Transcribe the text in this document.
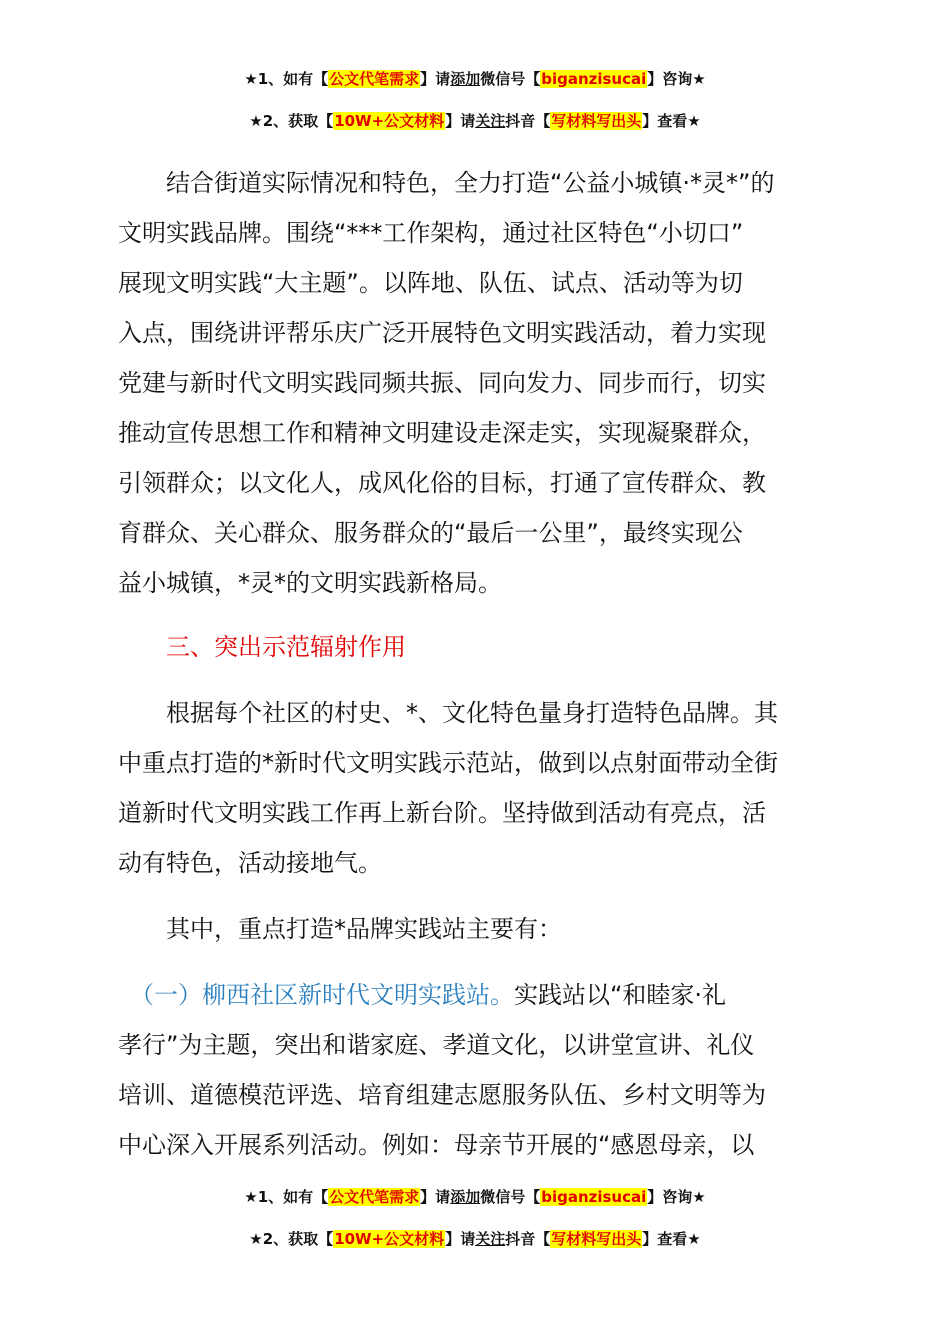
★1、如有【公文代笔需求】请添加微信号【biganzisucai】咨询★
★2、获取【10W+公文材料】请关注抖音【写材料写出头】查看★
　　结合街道实际情况和特色，全力打造“公益小城镇·*灵*”的
文明实践品牌。围绕“***工作架构，通过社区特色“小切口”
展现文明实践“大主题”。以阵地、队伍、试点、活动等为切
入点，围绕讲评帮乐庆广泛开展特色文明实践活动，着力实现
党建与新时代文明实践同频共振、同向发力、同步而行，切实
推动宣传思想工作和精神文明建设走深走实，实现凝聚群众，
引领群众；以文化人，成风化俗的目标，打通了宣传群众、教
育群众、关心群众、服务群众的“最后一公里”，最终实现公
益小城镇，*灵*的文明实践新格局。
　　三、突出示范辐射作用
　　根据每个社区的村史、*、文化特色量身打造特色品牌。其
中重点打造的*新时代文明实践示范站，做到以点射面带动全街
道新时代文明实践工作再上新台阶。坚持做到活动有亮点，活
动有特色，活动接地气。
　　其中，重点打造*品牌实践站主要有：
　（一）柳西社区新时代文明实践站。实践站以“和睦家·礼
孝行”为主题，突出和谐家庭、孝道文化，以讲堂宣讲、礼仪
培训、道德模范评选、培育组建志愿服务队伍、乡村文明等为
中心深入开展系列活动。例如：母亲节开展的“感恩母亲，以
★1、如有【公文代笔需求】请添加微信号【biganzisucai】咨询★
★2、获取【10W+公文材料】请关注抖音【写材料写出头】查看★
